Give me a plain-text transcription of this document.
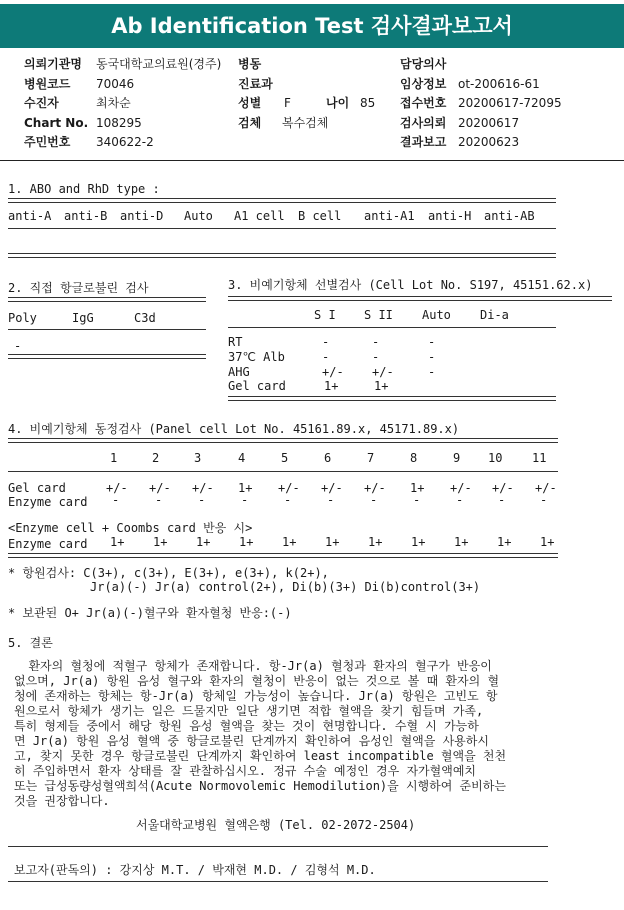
Ab Identification Test 검사결과보고서
의뢰기관명 동국대학교의료원(경주) 병동	담당의사
병원코드 70046	진료과	임상정보 ot-200616-61
수진자	최차순	성별 F	나이 85 접수번호 20200617-72095
Chart No. 108295	검체 복수검체	검사의뢰 20200617
주민번호 340622-2	결과보고 20200623
1. ABO and RhD type :
anti-A anti-B anti-D Auto A1 cell B cell anti-A1 anti-H anti-AB
2. 직접 항글로불린 검사
Poly	IgG	C3d
-
3. 비예기항체 선별검사 (Cell Lot No. S197, 45151.62.x)
S I S II Auto Di-a
RT	-	-	-
37℃ Alb	-	-	-
AHG	+/- +/-	-
Gel card	1+	1+
4. 비예기항체 동정검사 (Panel cell Lot No. 45161.89.x, 45171.89.x)
1	2	3	4	5	6	7	8	9 10 11
Gel card	+/- +/- +/- 1+ +/- +/- +/- 1+ +/- +/- +/-
Enzyme card -	-	-	-	-	-	-	-	-	-	-
<Enzyme cell + Coombs card 반응 시>
Enzyme card 1+ 1+ 1+ 1+ 1+ 1+ 1+ 1+ 1+ 1+ 1+
* 항원검사: C(3+), c(3+), E(3+), e(3+), k(2+),
Jr(a)(-) Jr(a) control(2+), Di(b)(3+) Di(b)control(3+)
* 보관된 O+ Jr(a)(-)혈구와 환자혈청 반응:(-)
5. 결론
환자의 혈청에 적혈구 항체가 존재합니다. 항-Jr(a) 혈청과 환자의 혈구가 반응이
없으며, Jr(a) 항원 음성 혈구와 환자의 혈청이 반응이 없는 것으로 볼 때 환자의 혈
청에 존재하는 항체는 항-Jr(a) 항체일 가능성이 높습니다. Jr(a) 항원은 고빈도 항
원으로서 항체가 생기는 일은 드물지만 일단 생기면 적합 혈액을 찾기 힘들며 가족,
특히 형제들 중에서 해당 항원 음성 혈액을 찾는 것이 현명합니다. 수혈 시 가능하
면 Jr(a) 항원 음성 혈액 중 항글로불린 단계까지 확인하여 음성인 혈액을 사용하시
고, 찾지 못한 경우 항글로불린 단계까지 확인하여 least incompatible 혈액을 천천
히 주입하면서 환자 상태를 잘 관찰하십시오. 정규 수술 예정인 경우 자가혈액예치
또는 급성동량성혈액희석(Acute Normovolemic Hemodilution)을 시행하여 준비하는
것을 권장합니다.
서울대학교병원 혈액은행 (Tel. 02-2072-2504)
보고자(판독의) : 강지상 M.T. / 박재현 M.D. / 김형석 M.D.
